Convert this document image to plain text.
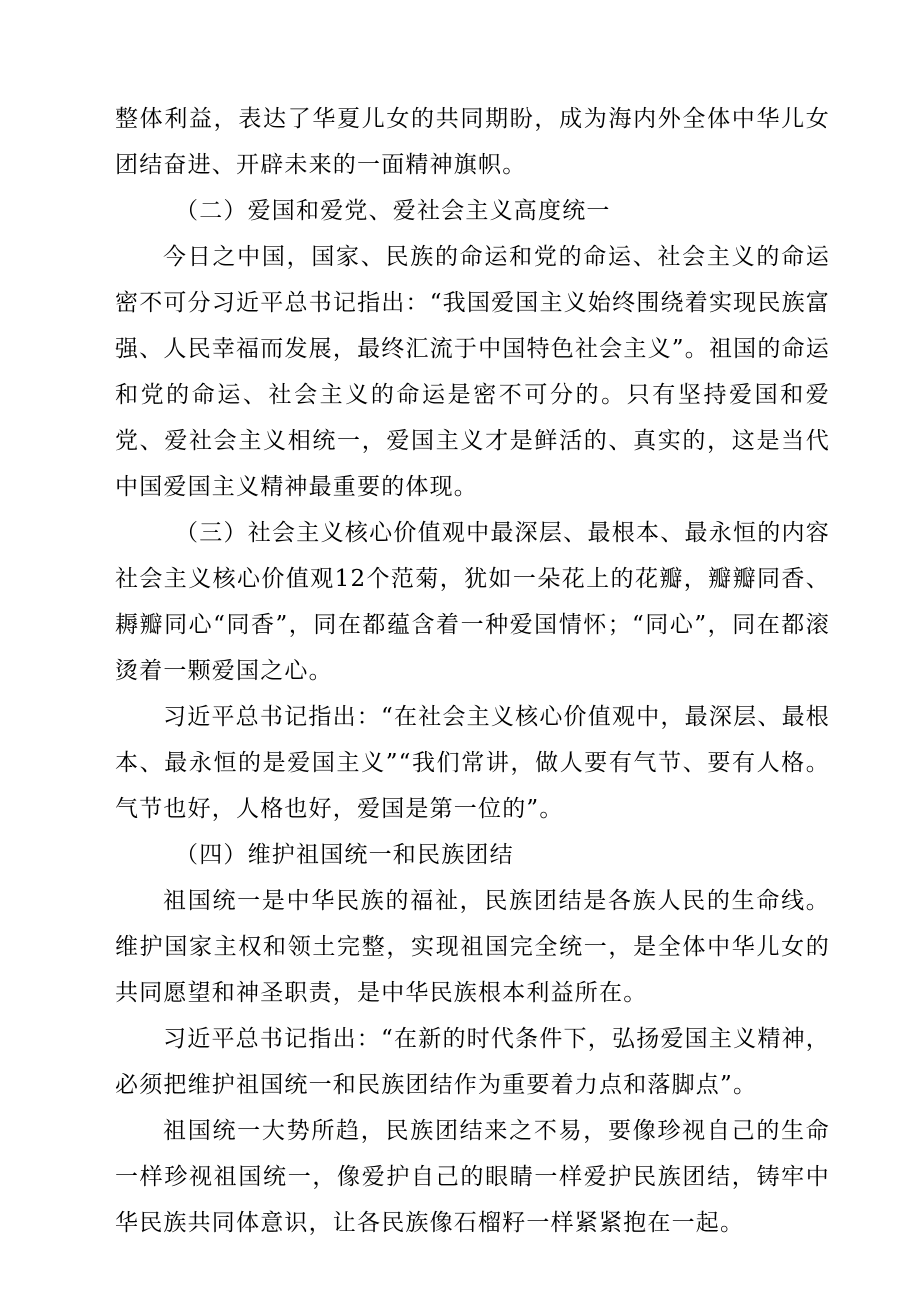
整体利益，表达了华夏儿女的共同期盼，成为海内外全体中华儿女团结奋进、开辟未来的一面精神旗帜。

（二）爱国和爱党、爱社会主义高度统一

今日之中国，国家、民族的命运和党的命运、社会主义的命运密不可分习近平总书记指出：“我国爱国主义始终围绕着实现民族富强、人民幸福而发展，最终汇流于中国特色社会主义”。祖国的命运和党的命运、社会主义的命运是密不可分的。只有坚持爱国和爱党、爱社会主义相统一，爱国主义才是鲜活的、真实的，这是当代中国爱国主义精神最重要的体现。

（三）社会主义核心价值观中最深层、最根本、最永恒的内容社会主义核心价值观12个范菊，犹如一朵花上的花瓣，瓣瓣同香、耨瓣同心“同香”，同在都蕴含着一种爱国情怀；“同心”，同在都滚烫着一颗爱国之心。

习近平总书记指出：“在社会主义核心价值观中，最深层、最根本、最永恒的是爱国主义”“我们常讲，做人要有气节、要有人格。气节也好，人格也好，爱国是第一位的”。

（四）维护祖国统一和民族团结

祖国统一是中华民族的福祉，民族团结是各族人民的生命线。维护国家主权和领土完整，实现祖国完全统一，是全体中华儿女的共同愿望和神圣职责，是中华民族根本利益所在。

习近平总书记指出：“在新的时代条件下，弘扬爱国主义精神，必须把维护祖国统一和民族团结作为重要着力点和落脚点”。

祖国统一大势所趋，民族团结来之不易，要像珍视自己的生命一样珍视祖国统一，像爱护自己的眼睛一样爱护民族团结，铸牢中华民族共同体意识，让各民族像石榴籽一样紧紧抱在一起。
